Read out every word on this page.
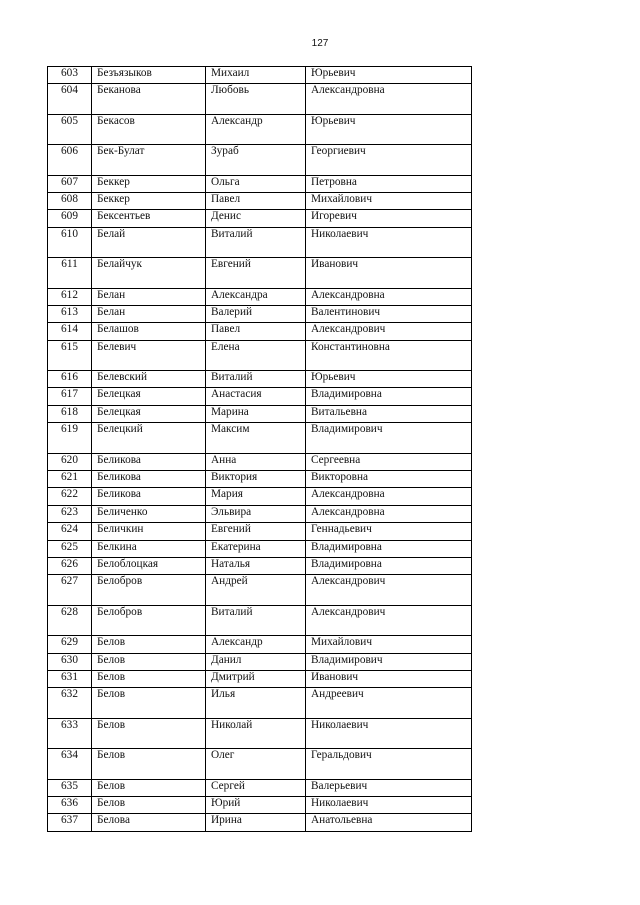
127
603	Безъязыков	Михаил	Юрьевич
604	Беканова	Любовь	Александровна
605	Бекасов	Александр	Юрьевич
606	Бек-Булат	Зураб	Георгиевич
607	Беккер	Ольга	Петровна
608	Беккер	Павел	Михайлович
609	Бексентьев	Денис	Игоревич
610	Белай	Виталий	Николаевич
611	Белайчук	Евгений	Иванович
612	Белан	Александра	Александровна
613	Белан	Валерий	Валентинович
614	Белашов	Павел	Александрович
615	Белевич	Елена	Константиновна
616	Белевский	Виталий	Юрьевич
617	Белецкая	Анастасия	Владимировна
618	Белецкая	Марина	Витальевна
619	Белецкий	Максим	Владимирович
620	Беликова	Анна	Сергеевна
621	Беликова	Виктория	Викторовна
622	Беликова	Мария	Александровна
623	Беличенко	Эльвира	Александровна
624	Беличкин	Евгений	Геннадьевич
625	Белкина	Екатерина	Владимировна
626	Белоблоцкая	Наталья	Владимировна
627	Белобров	Андрей	Александрович
628	Белобров	Виталий	Александрович
629	Белов	Александр	Михайлович
630	Белов	Данил	Владимирович
631	Белов	Дмитрий	Иванович
632	Белов	Илья	Андреевич
633	Белов	Николай	Николаевич
634	Белов	Олег	Геральдович
635	Белов	Сергей	Валерьевич
636	Белов	Юрий	Николаевич
637	Белова	Ирина	Анатольевна
